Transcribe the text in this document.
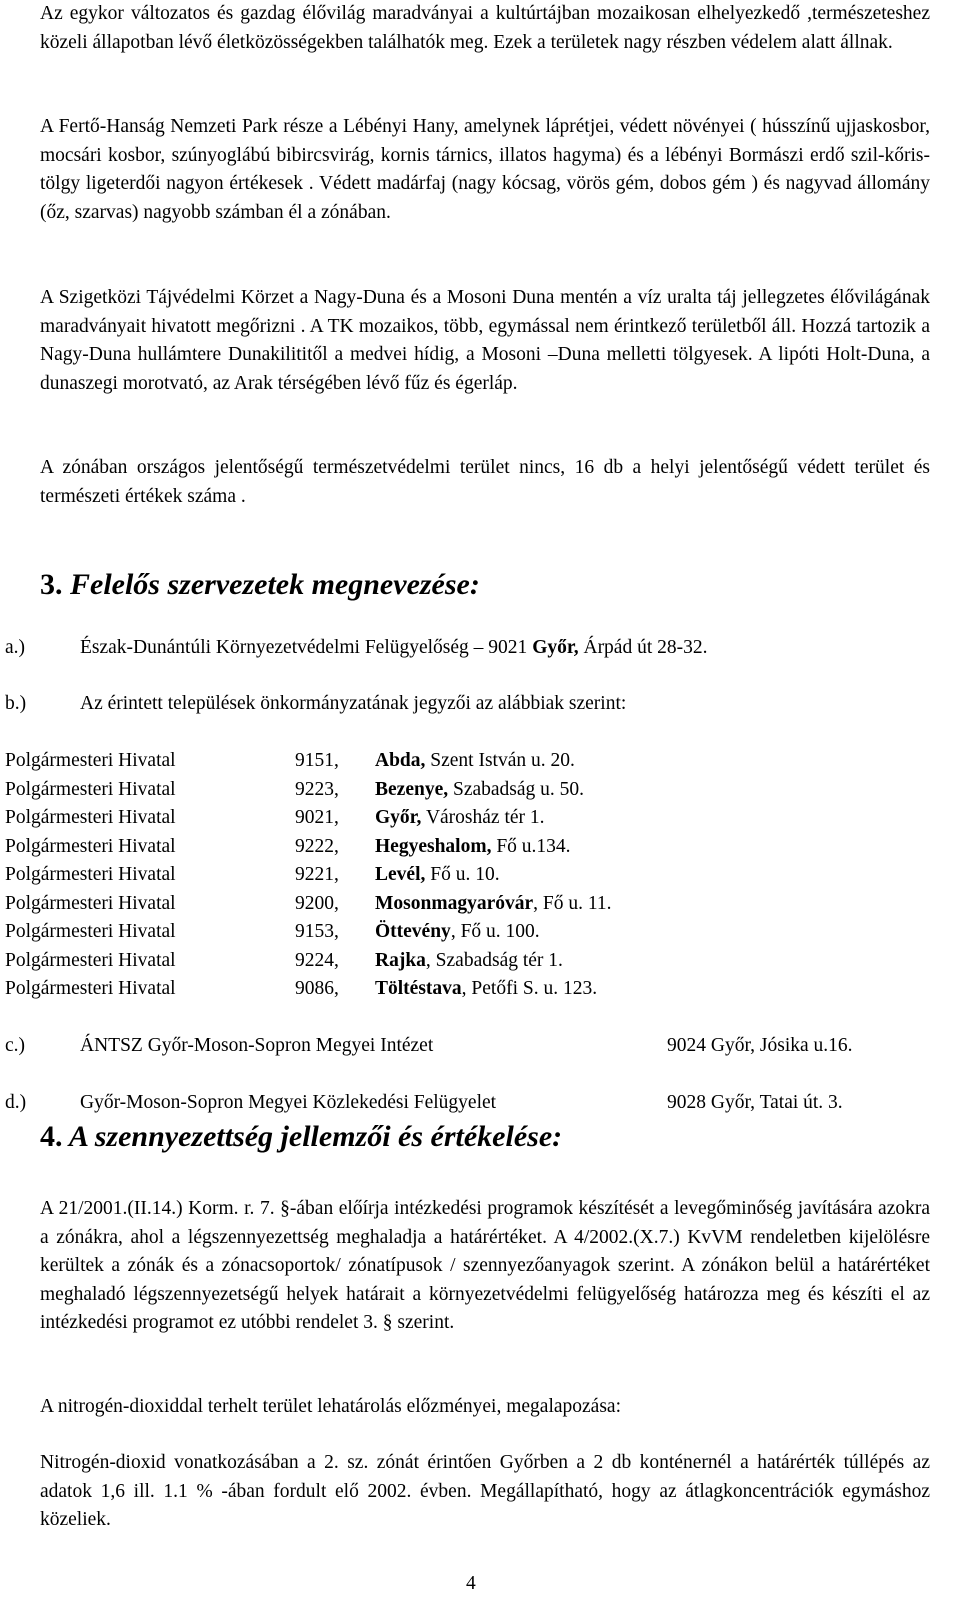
Az egykor változatos és gazdag élővilág maradványai a kultúrtájban mozaikosan elhelyezkedő ,természeteshez közeli állapotban lévő életközösségekben találhatók meg. Ezek a területek nagy részben védelem alatt állnak.

A Fertő-Hanság Nemzeti Park része a Lébényi Hany, amelynek láprétjei, védett növényei ( hússzínű ujjaskosbor, mocsári kosbor, szúnyoglábú bibircsvirág, kornis tárnics, illatos hagyma) és a lébényi Bormászi erdő szil-kőris-tölgy ligeterdői nagyon értékesek . Védett madárfaj (nagy kócsag, vörös gém, dobos gém ) és nagyvad állomány (őz, szarvas) nagyobb számban él a zónában.

A Szigetközi Tájvédelmi Körzet a Nagy-Duna és a Mosoni Duna mentén a víz uralta táj jellegzetes élővilágának maradványait hivatott megőrizni . A TK mozaikos, több, egymással nem érintkező területből áll. Hozzá tartozik a Nagy-Duna hullámtere Dunakilititől a medvei hídig, a Mosoni –Duna melletti tölgyesek. A lipóti Holt-Duna, a dunaszegi morotvató, az Arak térségében lévő fűz és égerláp.

A zónában országos jelentőségű természetvédelmi terület nincs, 16 db a helyi jelentőségű védett terület és természeti értékek száma .

3. Felelős szervezetek megnevezése:
a.)	Észak-Dunántúli Környezetvédelmi Felügyelőség – 9021 Győr, Árpád út 28-32.
b.)	Az érintett települések önkormányzatának jegyzői az alábbiak szerint:
Polgármesteri Hivatal	9151, Abda, Szent István u. 20.
Polgármesteri Hivatal	9223, Bezenye, Szabadság u. 50.
Polgármesteri Hivatal	9021, Győr, Városház tér 1.
Polgármesteri Hivatal	9222, Hegyeshalom, Fő u.134.
Polgármesteri Hivatal	9221, Levél, Fő u. 10.
Polgármesteri Hivatal	9200, Mosonmagyaróvár, Fő u. 11.
Polgármesteri Hivatal	9153, Öttevény, Fő u. 100.
Polgármesteri Hivatal	9224, Rajka, Szabadság tér 1.
Polgármesteri Hivatal	9086, Töltéstava, Petőfi S. u. 123.
c.)	ÁNTSZ Győr-Moson-Sopron Megyei Intézet	9024 Győr, Jósika u.16.
d.)	Győr-Moson-Sopron Megyei Közlekedési Felügyelet	9028 Győr, Tatai út. 3.
4. A szennyezettség jellemzői és értékelése:

A 21/2001.(II.14.) Korm. r. 7. §-ában előírja intézkedési programok készítését a levegőminőség javítására azokra a zónákra, ahol a légszennyezettség meghaladja a határértéket. A 4/2002.(X.7.) KvVM rendeletben kijelölésre kerültek a zónák és a zónacsoportok/ zónatípusok / szennyezőanyagok szerint. A zónákon belül a határértéket meghaladó légszennyezetségű helyek határait a környezetvédelmi felügyelőség határozza meg és készíti el az intézkedési programot ez utóbbi rendelet 3. § szerint.

A nitrogén-dioxiddal terhelt terület lehatárolás előzményei, megalapozása:

Nitrogén-dioxid vonatkozásában a 2. sz. zónát érintően Győrben a 2 db konténernél a határérték túllépés az adatok 1,6 ill. 1.1 % -ában fordult elő 2002. évben. Megállapítható, hogy az átlagkoncentrációk egymáshoz közeliek.

4
